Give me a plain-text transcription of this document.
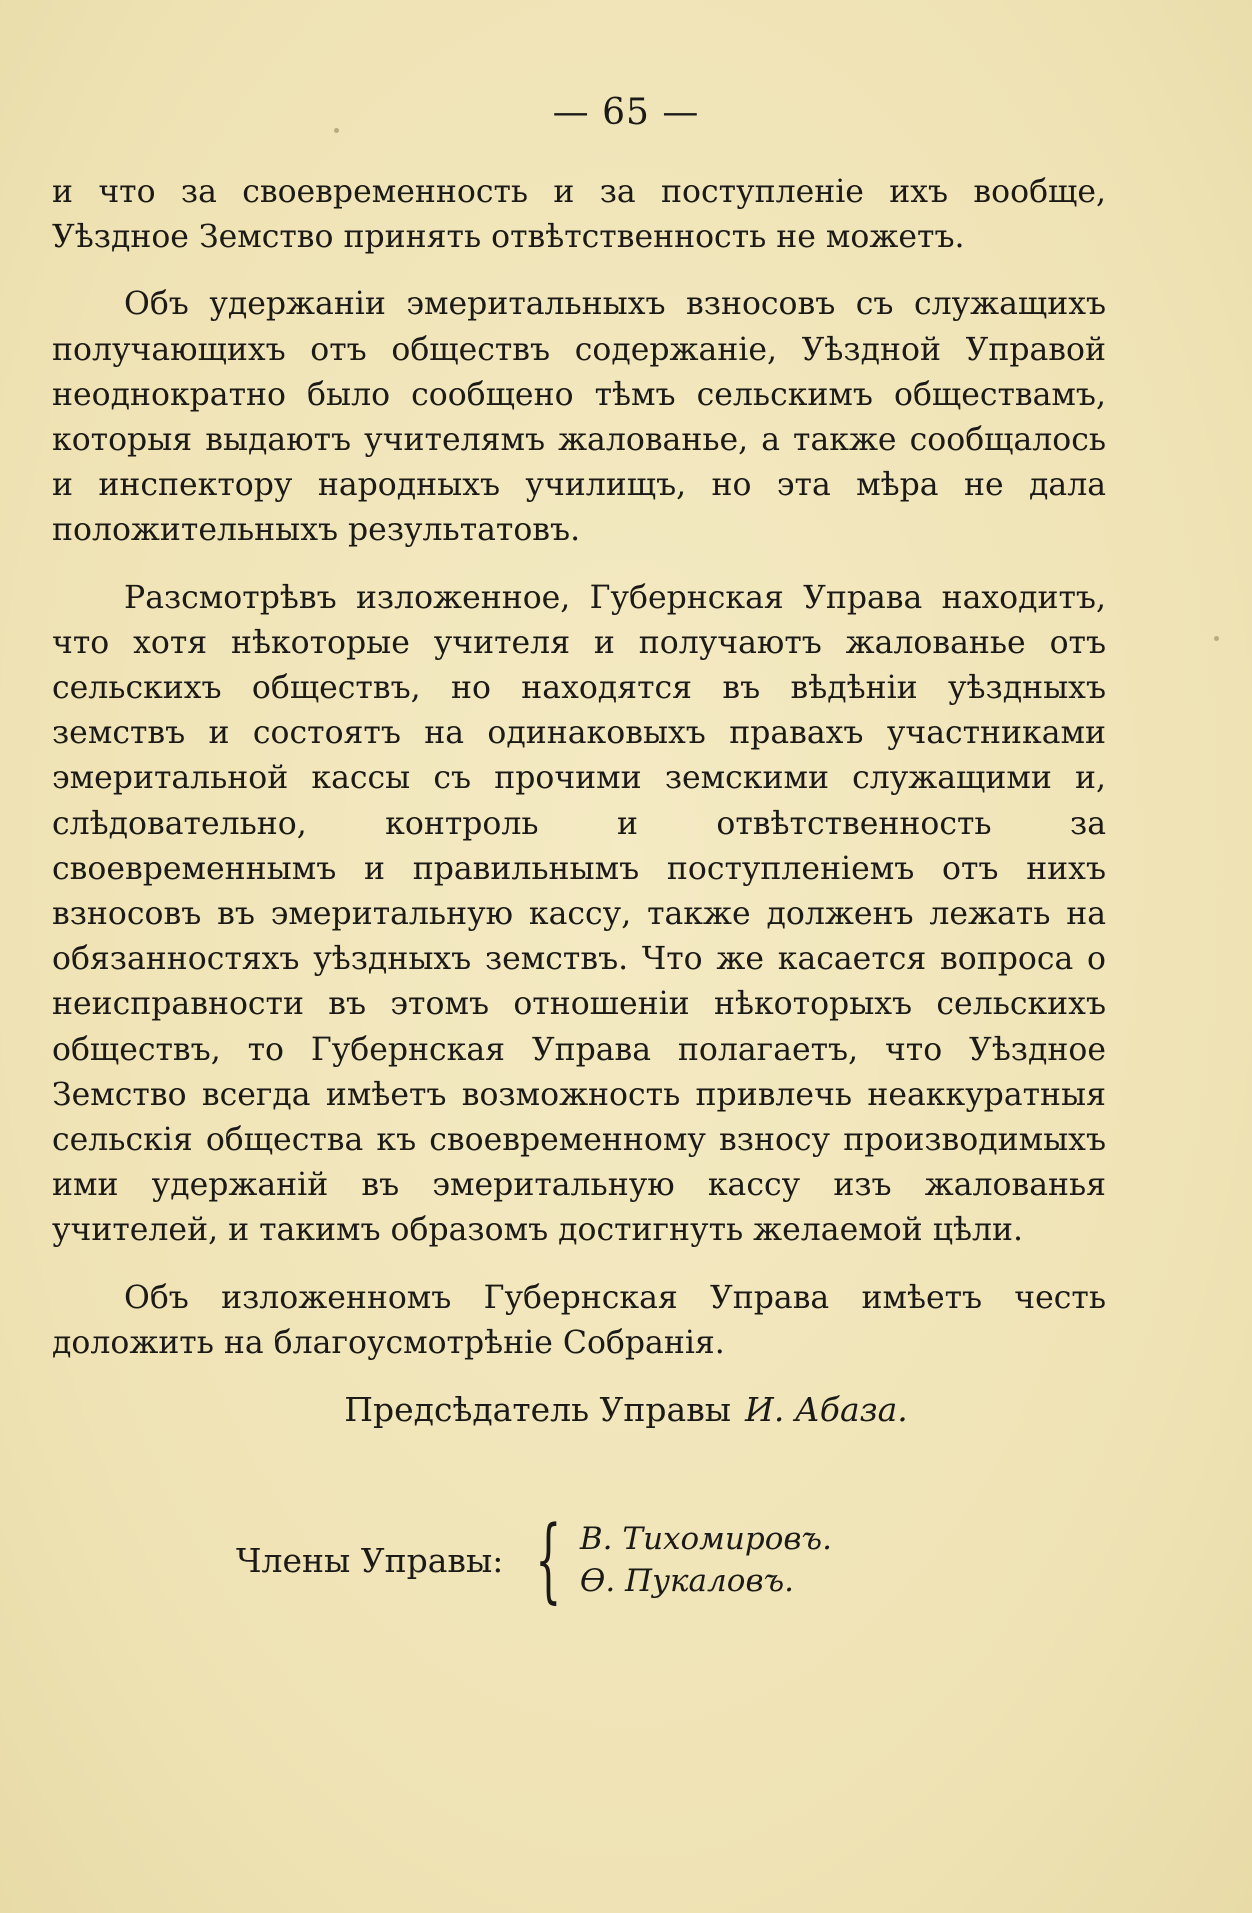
— 65 —

и что за своевременность и за поступленіе ихъ вообще, Уѣздное Земство принять отвѣтственность не можетъ.

Объ удержаніи эмеритальныхъ взносовъ съ служащихъ получающихъ отъ обществъ содержаніе, Уѣздной Управой неоднократно было сообщено тѣмъ сельскимъ обществамъ, которыя выдаютъ учителямъ жалованье, а также сообщалось и инспектору народныхъ училищъ, но эта мѣра не дала положительныхъ результатовъ.

Разсмотрѣвъ изложенное, Губернская Управа находитъ, что хотя нѣкоторые учителя и получаютъ жалованье отъ сельскихъ обществъ, но находятся въ вѣдѣніи уѣздныхъ земствъ и состоятъ на одинаковыхъ правахъ участниками эмеритальной кассы съ прочими земскими служащими и, слѣдовательно, контроль и отвѣтственность за своевременнымъ и правильнымъ поступленіемъ отъ нихъ взносовъ въ эмеритальную кассу, также долженъ лежать на обязанностяхъ уѣздныхъ земствъ. Что же касается вопроса о неисправности въ этомъ отношеніи нѣкоторыхъ сельскихъ обществъ, то Губернская Управа полагаетъ, что Уѣздное Земство всегда имѣетъ возможность привлечь неаккуратныя сельскія общества къ своевременному взносу производимыхъ ими удержаній въ эмеритальную кассу изъ жалованья учителей, и такимъ образомъ достигнуть желаемой цѣли.

Объ изложенномъ Губернская Управа имѣетъ честь доложить на благоусмотрѣніе Собранія.

Предсѣдатель Управы И. Абаза.
Члены Управы: { В. Тихомировъ.
Ѳ. Пукаловъ.
